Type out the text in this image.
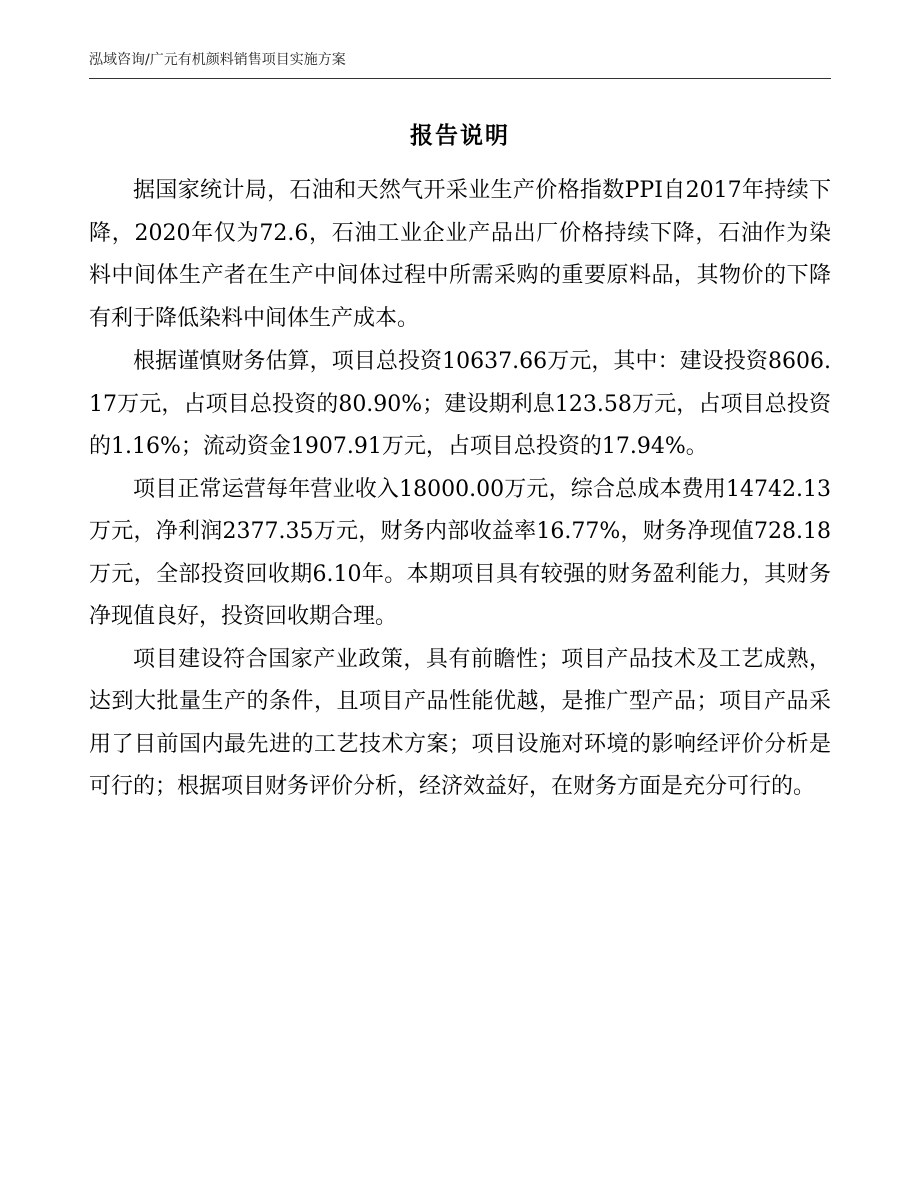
泓域咨询/广元有机颜料销售项目实施方案
报告说明

据国家统计局，石油和天然气开采业生产价格指数PPI自2017年持续下降，2020年仅为72.6，石油工业企业产品出厂价格持续下降，石油作为染料中间体生产者在生产中间体过程中所需采购的重要原料品，其物价的下降有利于降低染料中间体生产成本。

根据谨慎财务估算，项目总投资10637.66万元，其中：建设投资8606.17万元，占项目总投资的80.90%；建设期利息123.58万元，占项目总投资的1.16%；流动资金1907.91万元，占项目总投资的17.94%。

项目正常运营每年营业收入18000.00万元，综合总成本费用14742.13万元，净利润2377.35万元，财务内部收益率16.77%，财务净现值728.18万元，全部投资回收期6.10年。本期项目具有较强的财务盈利能力，其财务净现值良好，投资回收期合理。

项目建设符合国家产业政策，具有前瞻性；项目产品技术及工艺成熟，达到大批量生产的条件，且项目产品性能优越，是推广型产品；项目产品采用了目前国内最先进的工艺技术方案；项目设施对环境的影响经评价分析是可行的；根据项目财务评价分析，经济效益好，在财务方面是充分可行的。
